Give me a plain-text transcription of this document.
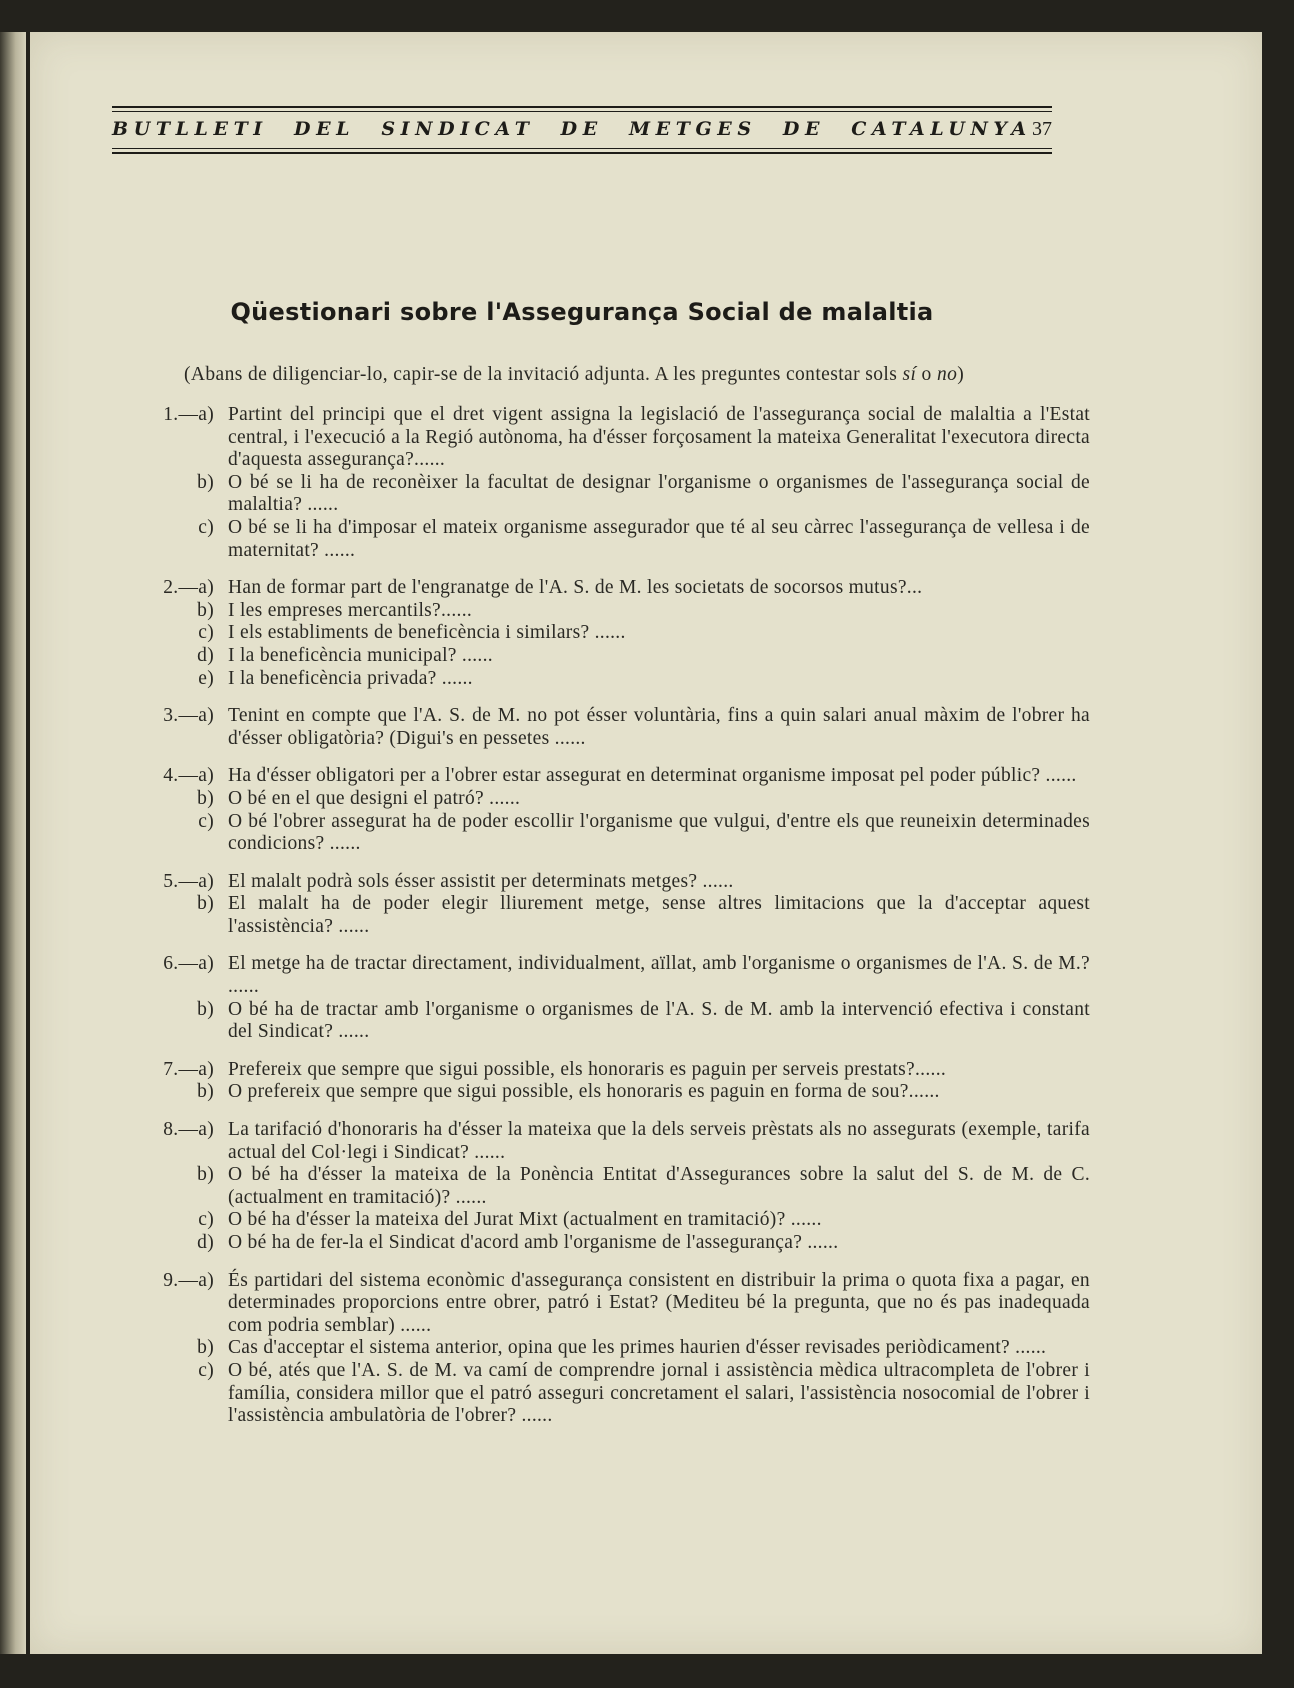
BUTLLETI DEL SINDICAT DE METGES DE CATALUNYA 37
Qüestionari sobre l'Assegurança Social de malaltia
(Abans de diligenciar-lo, capir-se de la invitació adjunta. A les preguntes contestar sols sí o no)
1.—a) Partint del principi que el dret vigent assigna la legislació de l'assegurança social de malaltia a l'Estat central, i l'execució a la Regió autònoma, ha d'ésser forçosament la mateixa Generalitat l'executora directa d'aquesta assegurança?......
b) O bé se li ha de reconèixer la facultat de designar l'organisme o organismes de l'assegurança social de malaltia? ......
c) O bé se li ha d'imposar el mateix organisme assegurador que té al seu càrrec l'assegurança de vellesa i de maternitat? ......
2.—a) Han de formar part de l'engranatge de l'A. S. de M. les societats de socorsos mutus?...
b) I les empreses mercantils?......
c) I els establiments de beneficència i similars? ......
d) I la beneficència municipal? ......
e) I la beneficència privada? ......
3.—a) Tenint en compte que l'A. S. de M. no pot ésser voluntària, fins a quin salari anual màxim de l'obrer ha d'ésser obligatòria? (Digui's en pessetes ......
4.—a) Ha d'ésser obligatori per a l'obrer estar assegurat en determinat organisme imposat pel poder públic? ......
b) O bé en el que designi el patró? ......
c) O bé l'obrer assegurat ha de poder escollir l'organisme que vulgui, d'entre els que reuneixin determinades condicions? ......
5.—a) El malalt podrà sols ésser assistit per determinats metges? ......
b) El malalt ha de poder elegir lliurement metge, sense altres limitacions que la d'acceptar aquest l'assistència? ......
6.—a) El metge ha de tractar directament, individualment, aïllat, amb l'organisme o organismes de l'A. S. de M.? ......
b) O bé ha de tractar amb l'organisme o organismes de l'A. S. de M. amb la intervenció efectiva i constant del Sindicat? ......
7.—a) Prefereix que sempre que sigui possible, els honoraris es paguin per serveis prestats?......
b) O prefereix que sempre que sigui possible, els honoraris es paguin en forma de sou?......
8.—a) La tarifació d'honoraris ha d'ésser la mateixa que la dels serveis prèstats als no assegurats (exemple, tarifa actual del Col·legi i Sindicat? ......
b) O bé ha d'ésser la mateixa de la Ponència Entitat d'Assegurances sobre la salut del S. de M. de C. (actualment en tramitació)? ......
c) O bé ha d'ésser la mateixa del Jurat Mixt (actualment en tramitació)? ......
d) O bé ha de fer-la el Sindicat d'acord amb l'organisme de l'assegurança? ......
9.—a) És partidari del sistema econòmic d'assegurança consistent en distribuir la prima o quota fixa a pagar, en determinades proporcions entre obrer, patró i Estat? (Mediteu bé la pregunta, que no és pas inadequada com podria semblar) ......
b) Cas d'acceptar el sistema anterior, opina que les primes haurien d'ésser revisades periòdicament? ......
c) O bé, atés que l'A. S. de M. va camí de comprendre jornal i assistència mèdica ultracompleta de l'obrer i família, considera millor que el patró asseguri concretament el salari, l'assistència nosocomial de l'obrer i l'assistència ambulatòria de l'obrer? ......
